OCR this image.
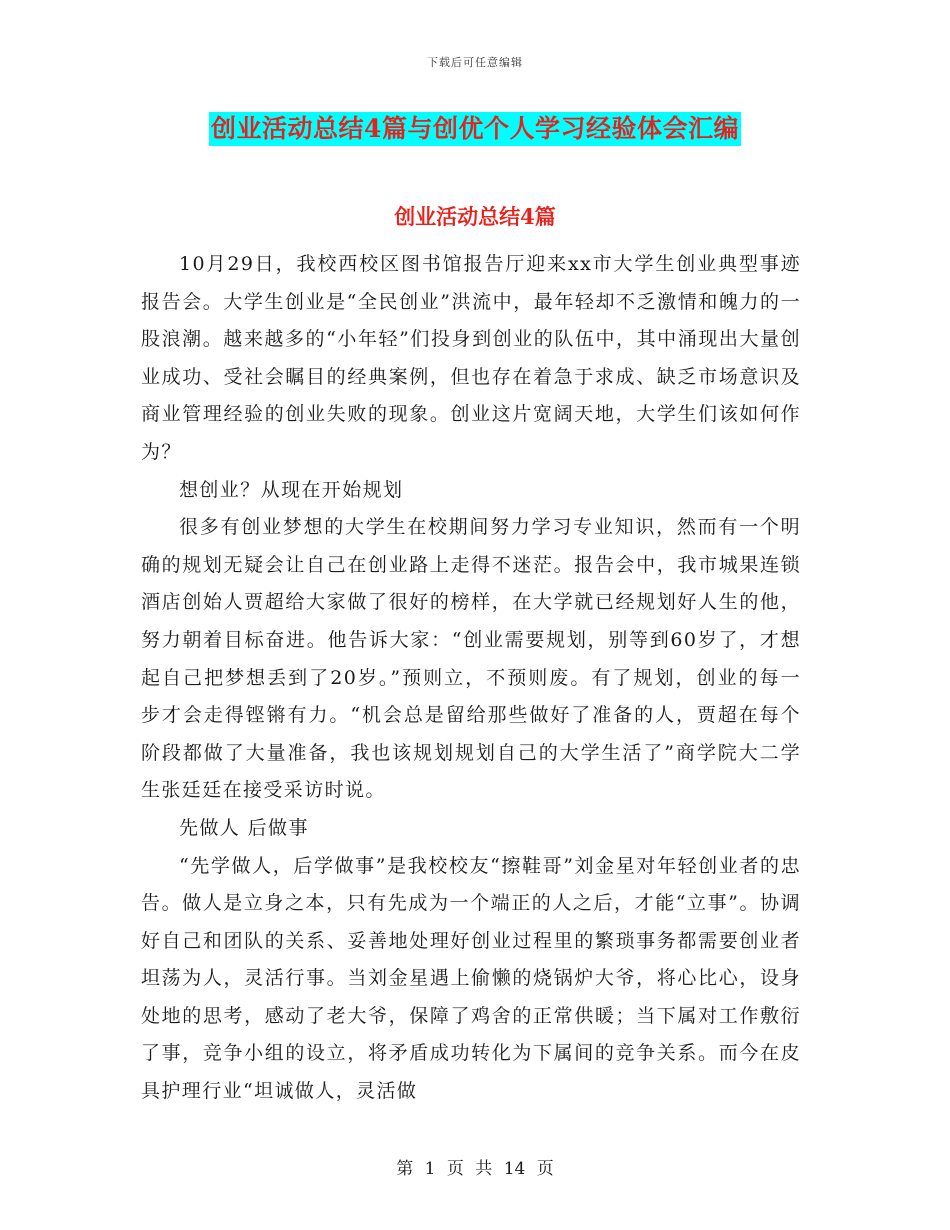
下载后可任意编辑
创业活动总结4篇与创优个人学习经验体会汇编
创业活动总结4篇

10月29日，我校西校区图书馆报告厅迎来xx市大学生创业典型事迹报告会。大学生创业是“全民创业”洪流中，最年轻却不乏激情和魄力的一股浪潮。越来越多的“小年轻”们投身到创业的队伍中，其中涌现出大量创业成功、受社会瞩目的经典案例，但也存在着急于求成、缺乏市场意识及商业管理经验的创业失败的现象。创业这片宽阔天地，大学生们该如何作为？

想创业？从现在开始规划

很多有创业梦想的大学生在校期间努力学习专业知识，然而有一个明确的规划无疑会让自己在创业路上走得不迷茫。报告会中，我市城果连锁酒店创始人贾超给大家做了很好的榜样，在大学就已经规划好人生的他，努力朝着目标奋进。他告诉大家：“创业需要规划，别等到60岁了，才想起自己把梦想丢到了20岁。”预则立，不预则废。有了规划，创业的每一步才会走得铿锵有力。“机会总是留给那些做好了准备的人，贾超在每个阶段都做了大量准备，我也该规划规划自己的大学生活了”商学院大二学生张廷廷在接受采访时说。

先做人 后做事

“先学做人，后学做事”是我校校友“擦鞋哥”刘金星对年轻创业者的忠告。做人是立身之本，只有先成为一个端正的人之后，才能“立事”。协调好自己和团队的关系、妥善地处理好创业过程里的繁琐事务都需要创业者坦荡为人，灵活行事。当刘金星遇上偷懒的烧锅炉大爷，将心比心，设身处地的思考，感动了老大爷，保障了鸡舍的正常供暖；当下属对工作敷衍了事，竞争小组的设立，将矛盾成功转化为下属间的竞争关系。而今在皮具护理行业“坦诚做人，灵活做

第 1 页 共 14 页
